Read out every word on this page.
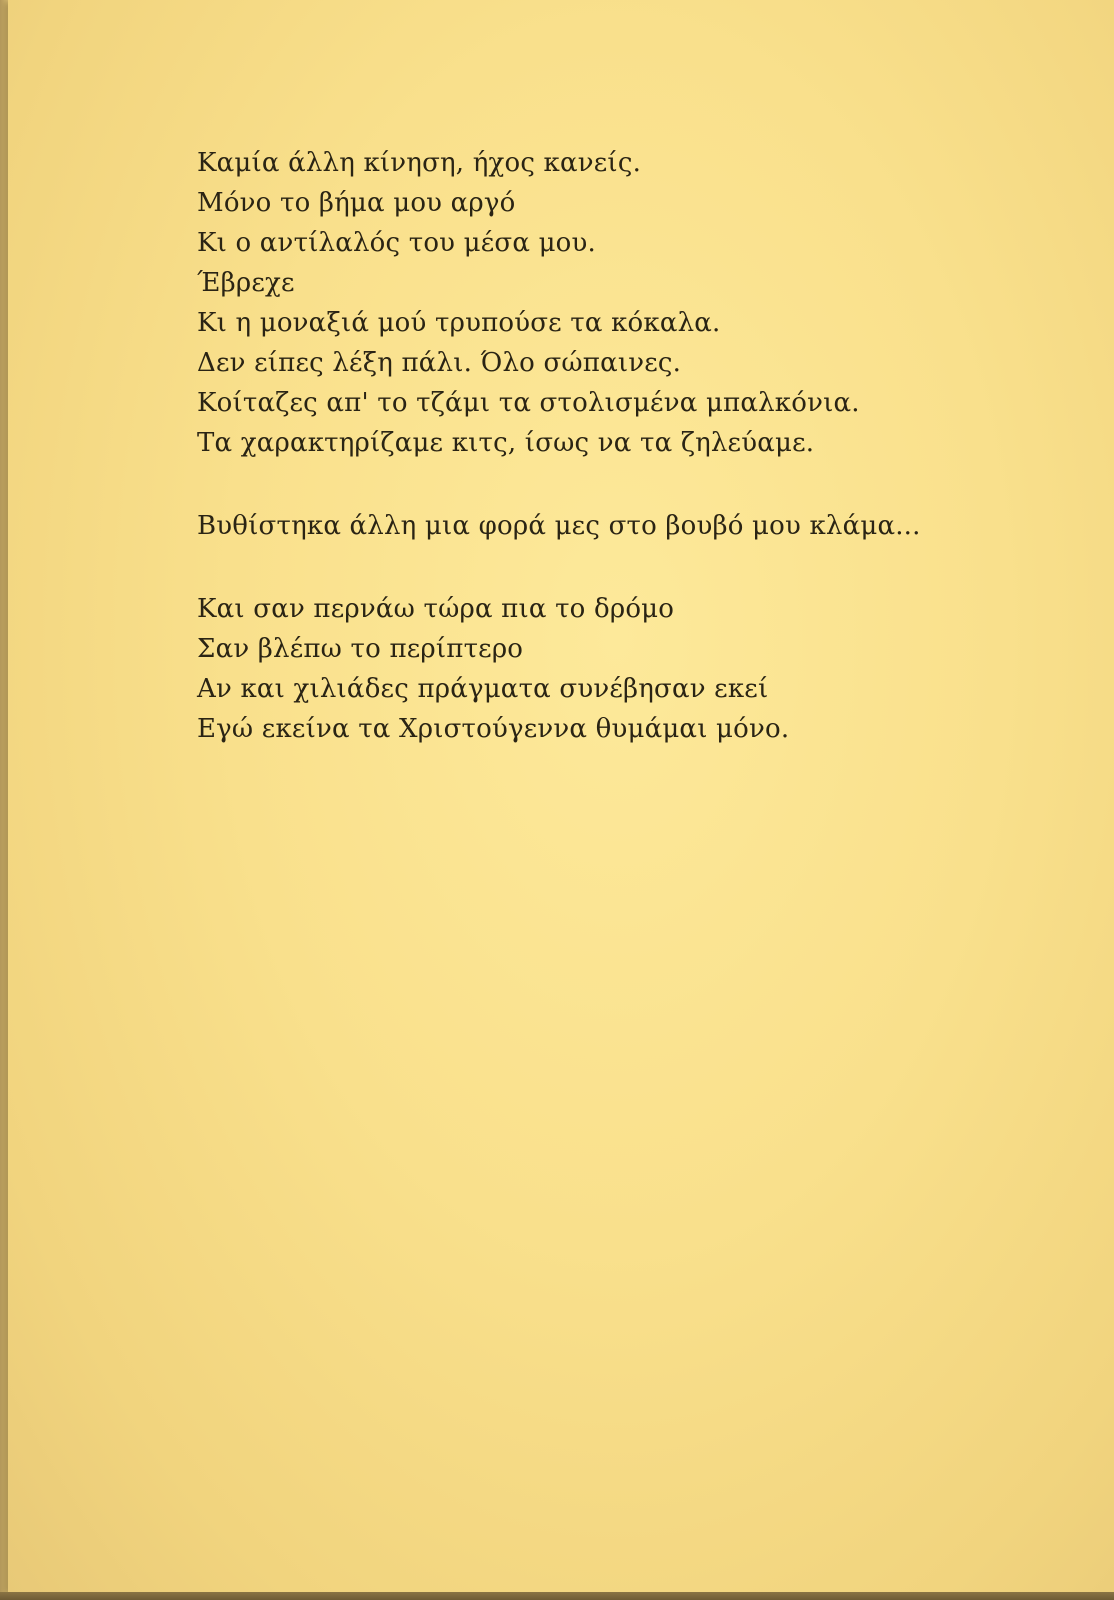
Καμία άλλη κίνηση, ήχος κανείς.
Μόνο το βήμα μου αργό
Κι ο αντίλαλός του μέσα μου.
Έβρεχε
Κι η μοναξιά μού τρυπούσε τα κόκαλα.
Δεν είπες λέξη πάλι. Όλο σώπαινες.
Κοίταζες απ' το τζάμι τα στολισμένα μπαλκόνια.
Τα χαρακτηρίζαμε κιτς, ίσως να τα ζηλεύαμε.
Βυθίστηκα άλλη μια φορά μες στο βουβό μου κλάμα...
Και σαν περνάω τώρα πια το δρόμο
Σαν βλέπω το περίπτερο
Αν και χιλιάδες πράγματα συνέβησαν εκεί
Εγώ εκείνα τα Χριστούγεννα θυμάμαι μόνο.
